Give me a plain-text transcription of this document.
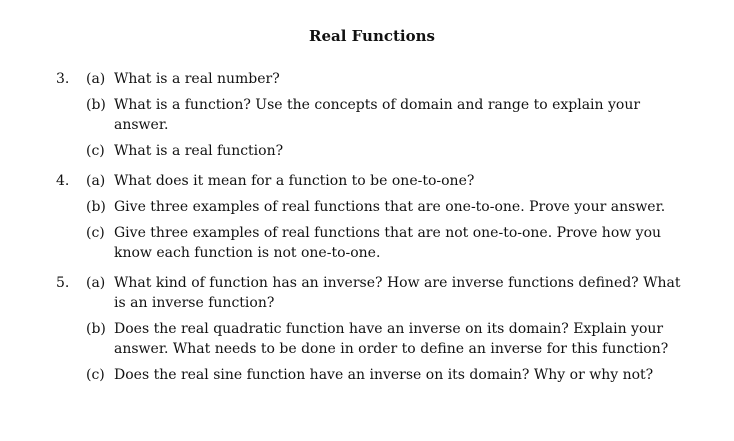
Real Functions
3. (a) What is a real number?
(b) What is a function? Use the concepts of domain and range to explain your answer.
(c) What is a real function?
4. (a) What does it mean for a function to be one-to-one?
(b) Give three examples of real functions that are one-to-one. Prove your answer.
(c) Give three examples of real functions that are not one-to-one. Prove how you know each function is not one-to-one.
5. (a) What kind of function has an inverse? How are inverse functions defined? What is an inverse function?
(b) Does the real quadratic function have an inverse on its domain? Explain your answer. What needs to be done in order to define an inverse for this function?
(c) Does the real sine function have an inverse on its domain? Why or why not?
